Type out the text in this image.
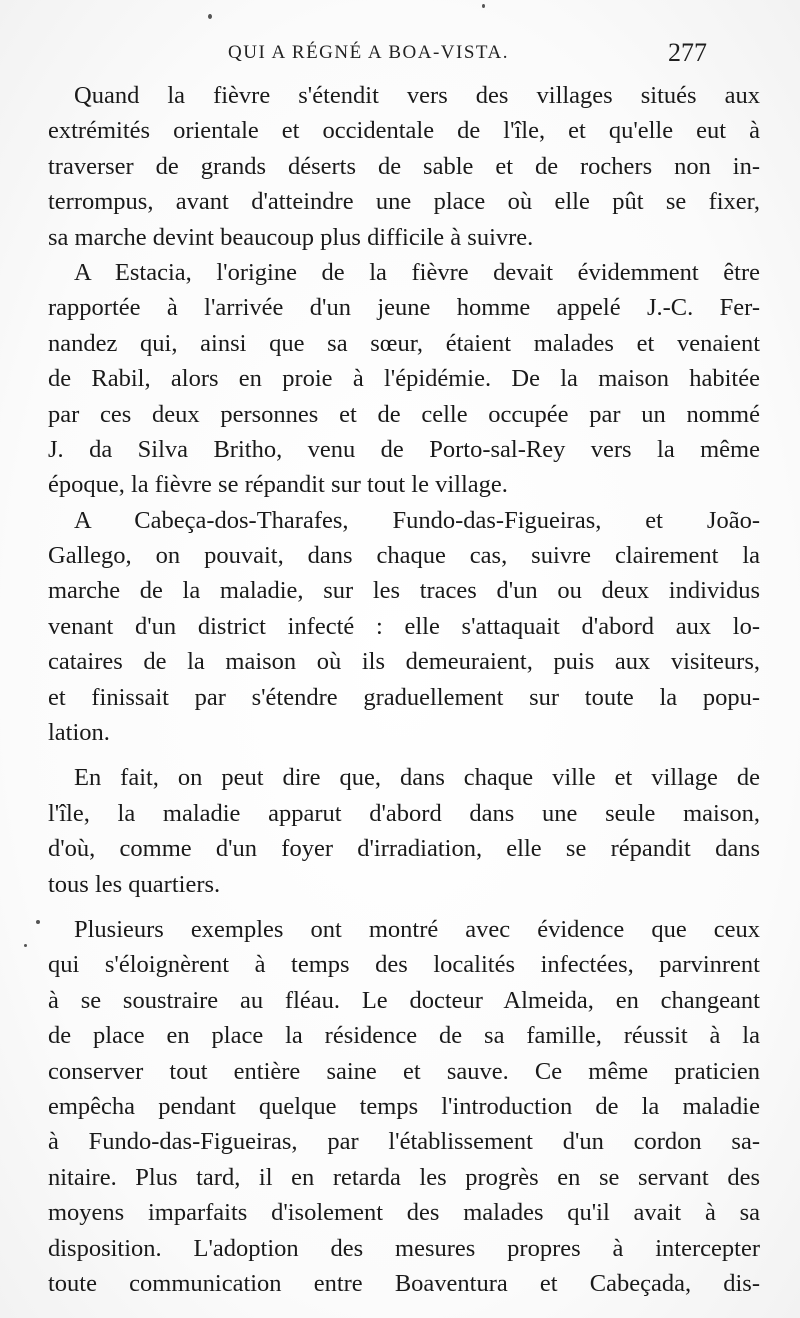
QUI A RÉGNÉ A BOA-VISTA.	277
Quand la fièvre s'étendit vers des villages situés aux
extrémités orientale et occidentale de l'île, et qu'elle eut à
traverser de grands déserts de sable et de rochers non in-
terrompus, avant d'atteindre une place où elle pût se fixer,
sa marche devint beaucoup plus difficile à suivre.
A Estacia, l'origine de la fièvre devait évidemment être
rapportée à l'arrivée d'un jeune homme appelé J.-C. Fer-
nandez qui, ainsi que sa sœur, étaient malades et venaient
de Rabil, alors en proie à l'épidémie. De la maison habitée
par ces deux personnes et de celle occupée par un nommé
J. da Silva Britho, venu de Porto-sal-Rey vers la même
époque, la fièvre se répandit sur tout le village.
A Cabeça-dos-Tharafes, Fundo-das-Figueiras, et João-
Gallego, on pouvait, dans chaque cas, suivre clairement la
marche de la maladie, sur les traces d'un ou deux individus
venant d'un district infecté : elle s'attaquait d'abord aux lo-
cataires de la maison où ils demeuraient, puis aux visiteurs,
et finissait par s'étendre graduellement sur toute la popu-
lation.
En fait, on peut dire que, dans chaque ville et village de
l'île, la maladie apparut d'abord dans une seule maison,
d'où, comme d'un foyer d'irradiation, elle se répandit dans
tous les quartiers.
Plusieurs exemples ont montré avec évidence que ceux
qui s'éloignèrent à temps des localités infectées, parvinrent
à se soustraire au fléau. Le docteur Almeida, en changeant
de place en place la résidence de sa famille, réussit à la
conserver tout entière saine et sauve. Ce même praticien
empêcha pendant quelque temps l'introduction de la maladie
à Fundo-das-Figueiras, par l'établissement d'un cordon sa-
nitaire. Plus tard, il en retarda les progrès en se servant des
moyens imparfaits d'isolement des malades qu'il avait à sa
disposition. L'adoption des mesures propres à intercepter
toute communication entre Boaventura et Cabeçada, dis-
